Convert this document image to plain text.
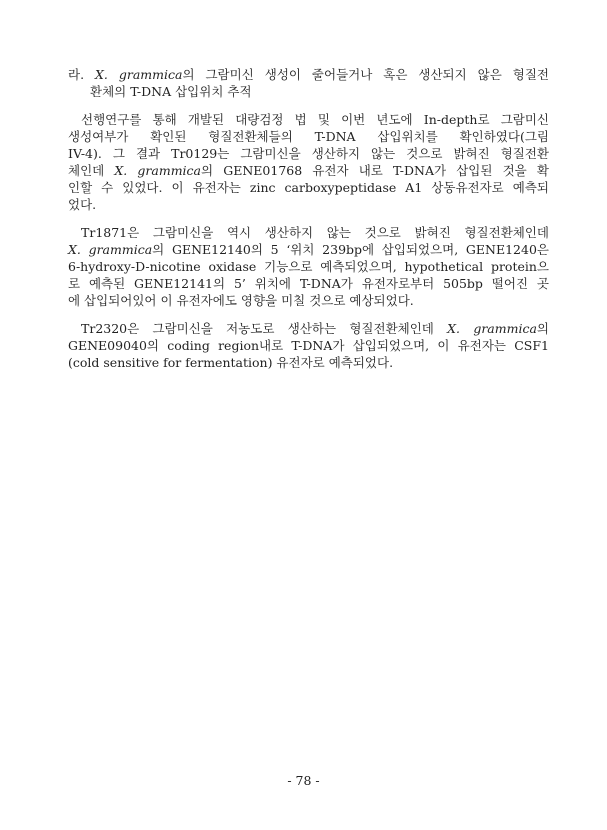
라. X. grammica의 그람미신 생성이 줄어들거나 혹은 생산되지 않은 형질전
환체의 T-DNA 삽입위치 추적
선행연구를 통해 개발된 대량검정 법 및 이번 년도에 In-depth로 그람미신
생성여부가 확인된 형질전환체들의 T-DNA 삽입위치를 확인하였다(그림
IV-4). 그 결과 Tr0129는 그람미신을 생산하지 않는 것으로 밝혀진 형질전환
체인데 X. grammica의 GENE01768 유전자 내로 T-DNA가 삽입된 것을 확
인할 수 있었다. 이 유전자는 zinc carboxypeptidase A1 상동유전자로 예측되
었다.
Tr1871은 그람미신을 역시 생산하지 않는 것으로 밝혀진 형질전환체인데
X. grammica의 GENE12140의 5 ‘위치 239bp에 삽입되었으며, GENE1240은
6-hydroxy-D-nicotine oxidase 기능으로 예측되었으며, hypothetical protein으
로 예측된 GENE12141의 5’ 위치에 T-DNA가 유전자로부터 505bp 떨어진 곳
에 삽입되어있어 이 유전자에도 영향을 미칠 것으로 예상되었다.
Tr2320은 그람미신을 저농도로 생산하는 형질전환체인데 X. grammica의
GENE09040의 coding region내로 T-DNA가 삽입되었으며, 이 유전자는 CSF1
(cold sensitive for fermentation) 유전자로 예측되었다.
- 78 -
